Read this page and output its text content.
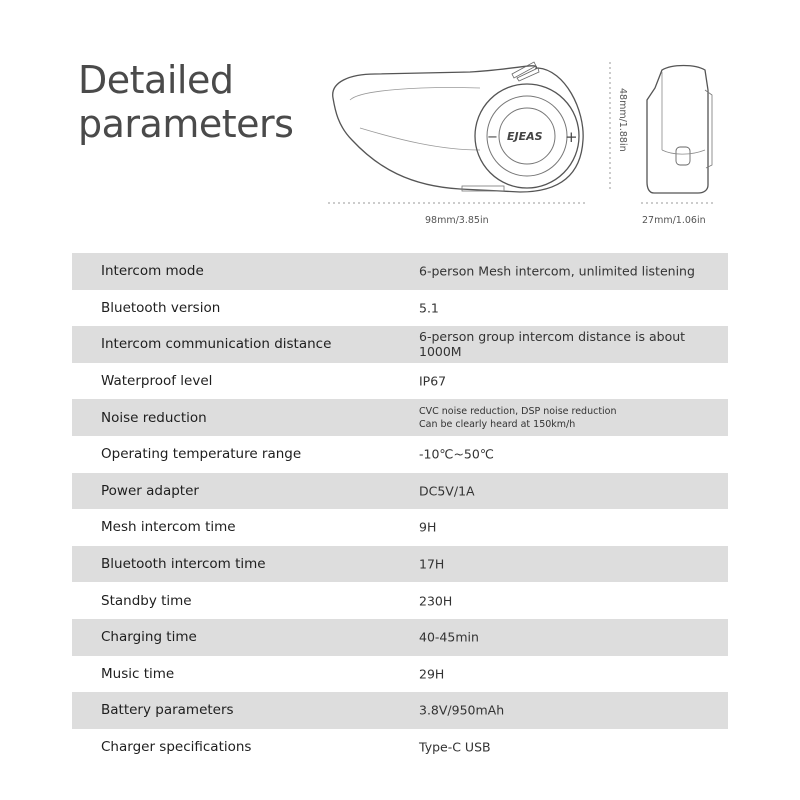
Detailed
parameters	−	+
EJEAS
98mm/3.85in
48mm/1.88in
27mm/1.06in
Intercom mode	6-person Mesh intercom, unlimited listening
Bluetooth version	5.1
Intercom communication distance	6-person group intercom distance is about 1000M
Waterproof level	IP67
Noise reduction	CVC noise reduction, DSP noise reduction
Can be clearly heard at 150km/h
Operating temperature range	-10℃~50℃
Power adapter	DC5V/1A
Mesh intercom time	9H
Bluetooth intercom time	17H
Standby time	230H
Charging time	40-45min
Music time	29H
Battery parameters	3.8V/950mAh
Charger specifications	Type-C USB
